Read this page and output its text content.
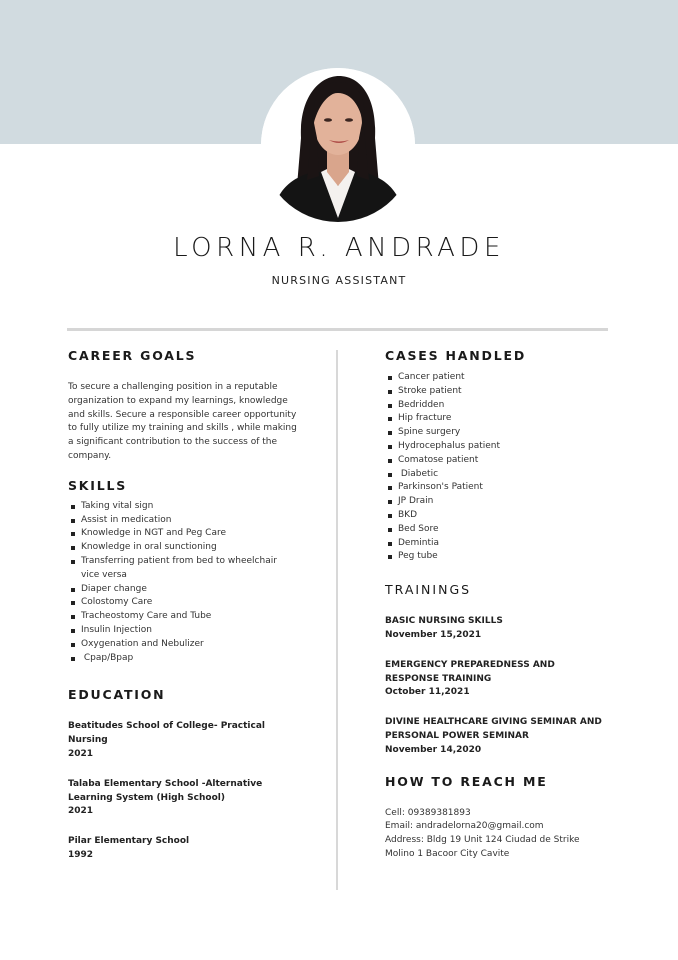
LORNA R. ANDRADE
NURSING ASSISTANT
CAREER GOALS

To secure a challenging position in a reputable organization to expand my learnings, knowledge and skills. Secure a responsible career opportunity to fully utilize my training and skills , while making a significant contribution to the success of the company.

SKILLS
Taking vital sign
Assist in medication
Knowledge in NGT and Peg Care
Knowledge in oral sunctioning
Transferring patient from bed to wheelchair vice versa
Diaper change
Colostomy Care
Tracheostomy Care and Tube
Insulin Injection
Oxygenation and Nebulizer
Cpap/Bpap
EDUCATION
Beatitudes School of College- Practical Nursing
2021
Talaba Elementary School -Alternative Learning System (High School)
2021
Pilar Elementary School
1992
CASES HANDLED
Cancer patient
Stroke patient
Bedridden
Hip fracture
Spine surgery
Hydrocephalus patient
Comatose patient
Diabetic
Parkinson's Patient
JP Drain
BKD
Bed Sore
Demintia
Peg tube
TRAININGS
BASIC NURSING SKILLS
November 15,2021
EMERGENCY PREPAREDNESS AND RESPONSE TRAINING
October 11,2021
DIVINE HEALTHCARE GIVING SEMINAR AND PERSONAL POWER SEMINAR
November 14,2020
HOW TO REACH ME
Cell: 09389381893
Email: andradelorna20@gmail.com
Address: Bldg 19 Unit 124 Ciudad de Strike
Molino 1 Bacoor City Cavite
